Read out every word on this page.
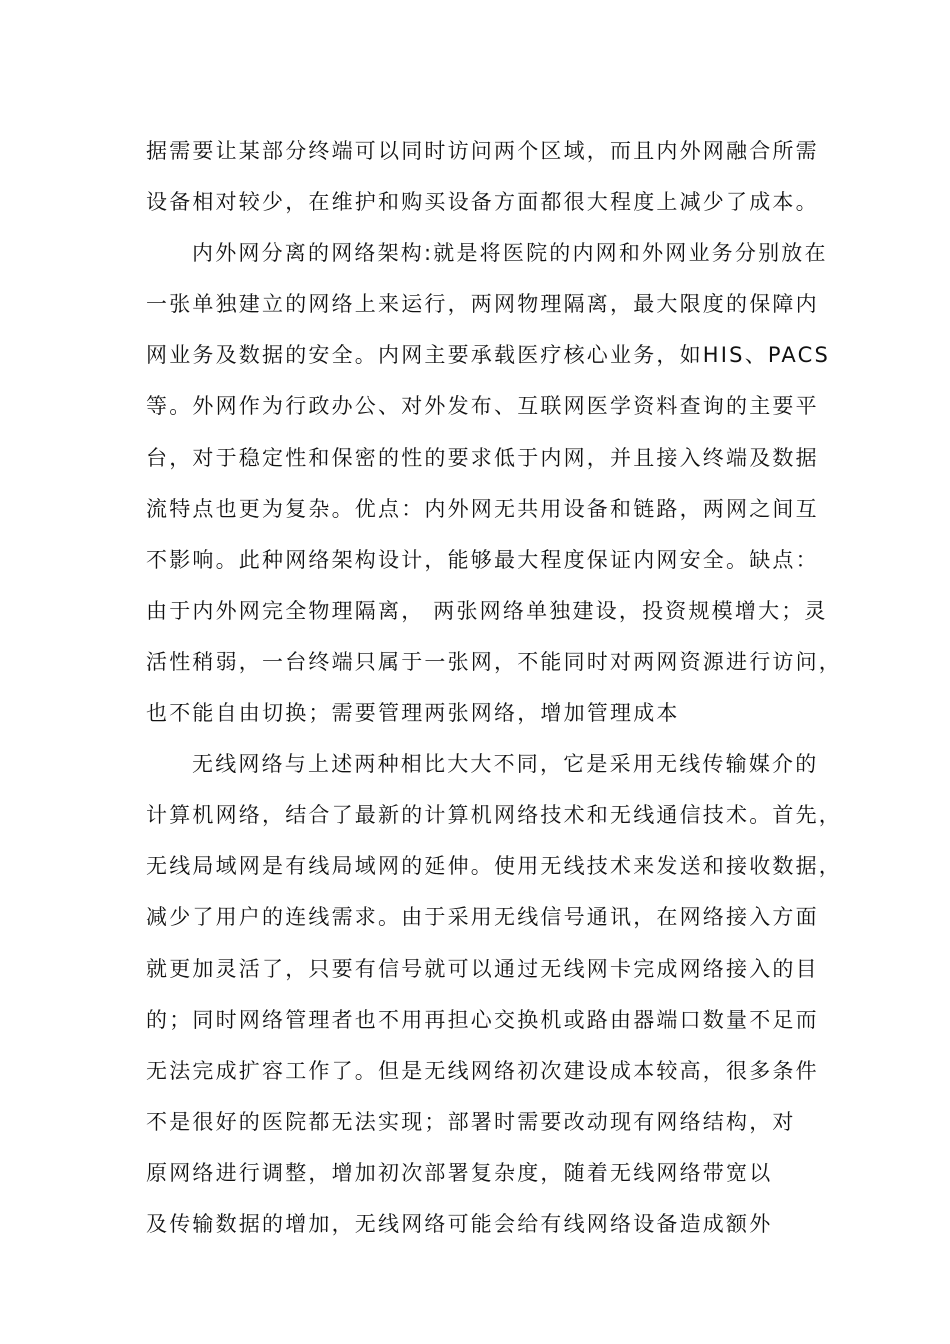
据需要让某部分终端可以同时访问两个区域，而且内外网融合所需
设备相对较少，在维护和购买设备方面都很大程度上减少了成本。
内外网分离的网络架构:就是将医院的内网和外网业务分别放在
一张单独建立的网络上来运行，两网物理隔离，最大限度的保障内
网业务及数据的安全。内网主要承载医疗核心业务，如HIS、PACS
等。外网作为行政办公、对外发布、互联网医学资料查询的主要平
台，对于稳定性和保密的性的要求低于内网，并且接入终端及数据
流特点也更为复杂。优点：内外网无共用设备和链路，两网之间互
不影响。此种网络架构设计，能够最大程度保证内网安全。缺点：
由于内外网完全物理隔离， 两张网络单独建设，投资规模增大；灵
活性稍弱，一台终端只属于一张网，不能同时对两网资源进行访问，
也不能自由切换；需要管理两张网络，增加管理成本
无线网络与上述两种相比大大不同，它是采用无线传输媒介的
计算机网络，结合了最新的计算机网络技术和无线通信技术。首先，
无线局域网是有线局域网的延伸。使用无线技术来发送和接收数据，
减少了用户的连线需求。由于采用无线信号通讯，在网络接入方面
就更加灵活了，只要有信号就可以通过无线网卡完成网络接入的目
的；同时网络管理者也不用再担心交换机或路由器端口数量不足而
无法完成扩容工作了。但是无线网络初次建设成本较高，很多条件
不是很好的医院都无法实现；部署时需要改动现有网络结构，对
原网络进行调整，增加初次部署复杂度，随着无线网络带宽以
及传输数据的增加，无线网络可能会给有线网络设备造成额外
